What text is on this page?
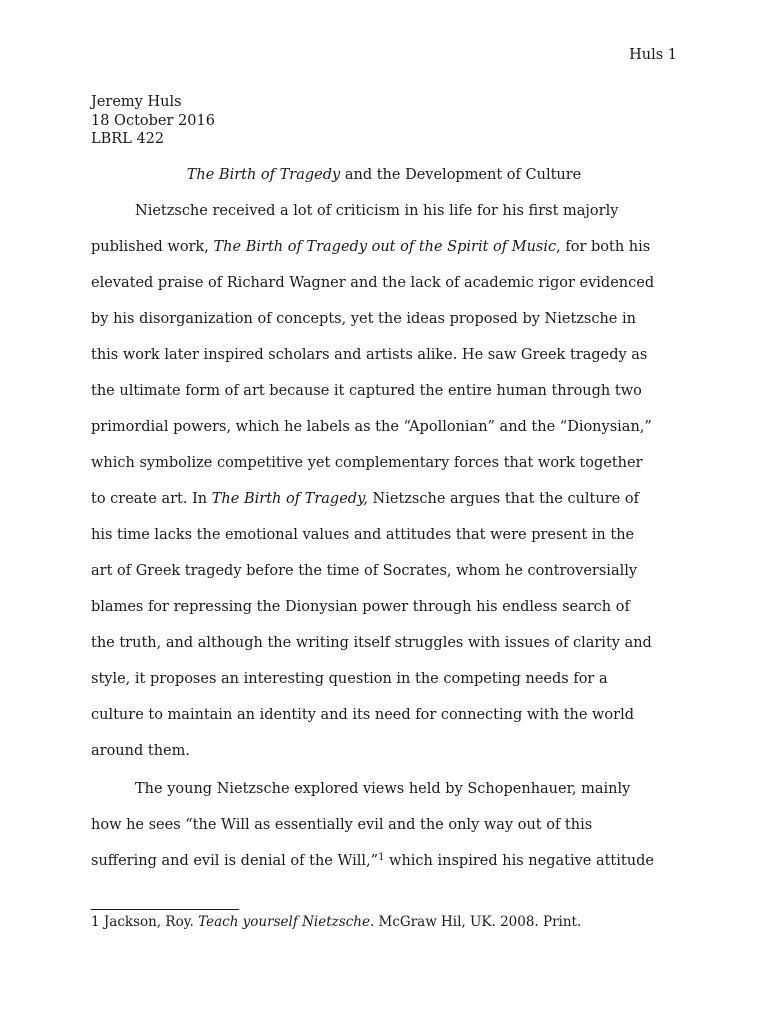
Huls 1
Jeremy Huls
18 October 2016
LBRL 422
The Birth of Tragedy and the Development of Culture
Nietzsche received a lot of criticism in his life for his first majorly
published work, The Birth of Tragedy out of the Spirit of Music, for both his
elevated praise of Richard Wagner and the lack of academic rigor evidenced
by his disorganization of concepts, yet the ideas proposed by Nietzsche in
this work later inspired scholars and artists alike. He saw Greek tragedy as
the ultimate form of art because it captured the entire human through two
primordial powers, which he labels as the “Apollonian” and the “Dionysian,”
which symbolize competitive yet complementary forces that work together
to create art. In The Birth of Tragedy, Nietzsche argues that the culture of
his time lacks the emotional values and attitudes that were present in the
art of Greek tragedy before the time of Socrates, whom he controversially
blames for repressing the Dionysian power through his endless search of
the truth, and although the writing itself struggles with issues of clarity and
style, it proposes an interesting question in the competing needs for a
culture to maintain an identity and its need for connecting with the world
around them.
The young Nietzsche explored views held by Schopenhauer, mainly
how he sees “the Will as essentially evil and the only way out of this
suffering and evil is denial of the Will,”$^1$ which inspired his negative attitude
1 Jackson, Roy. Teach yourself Nietzsche. McGraw Hil, UK. 2008. Print.
